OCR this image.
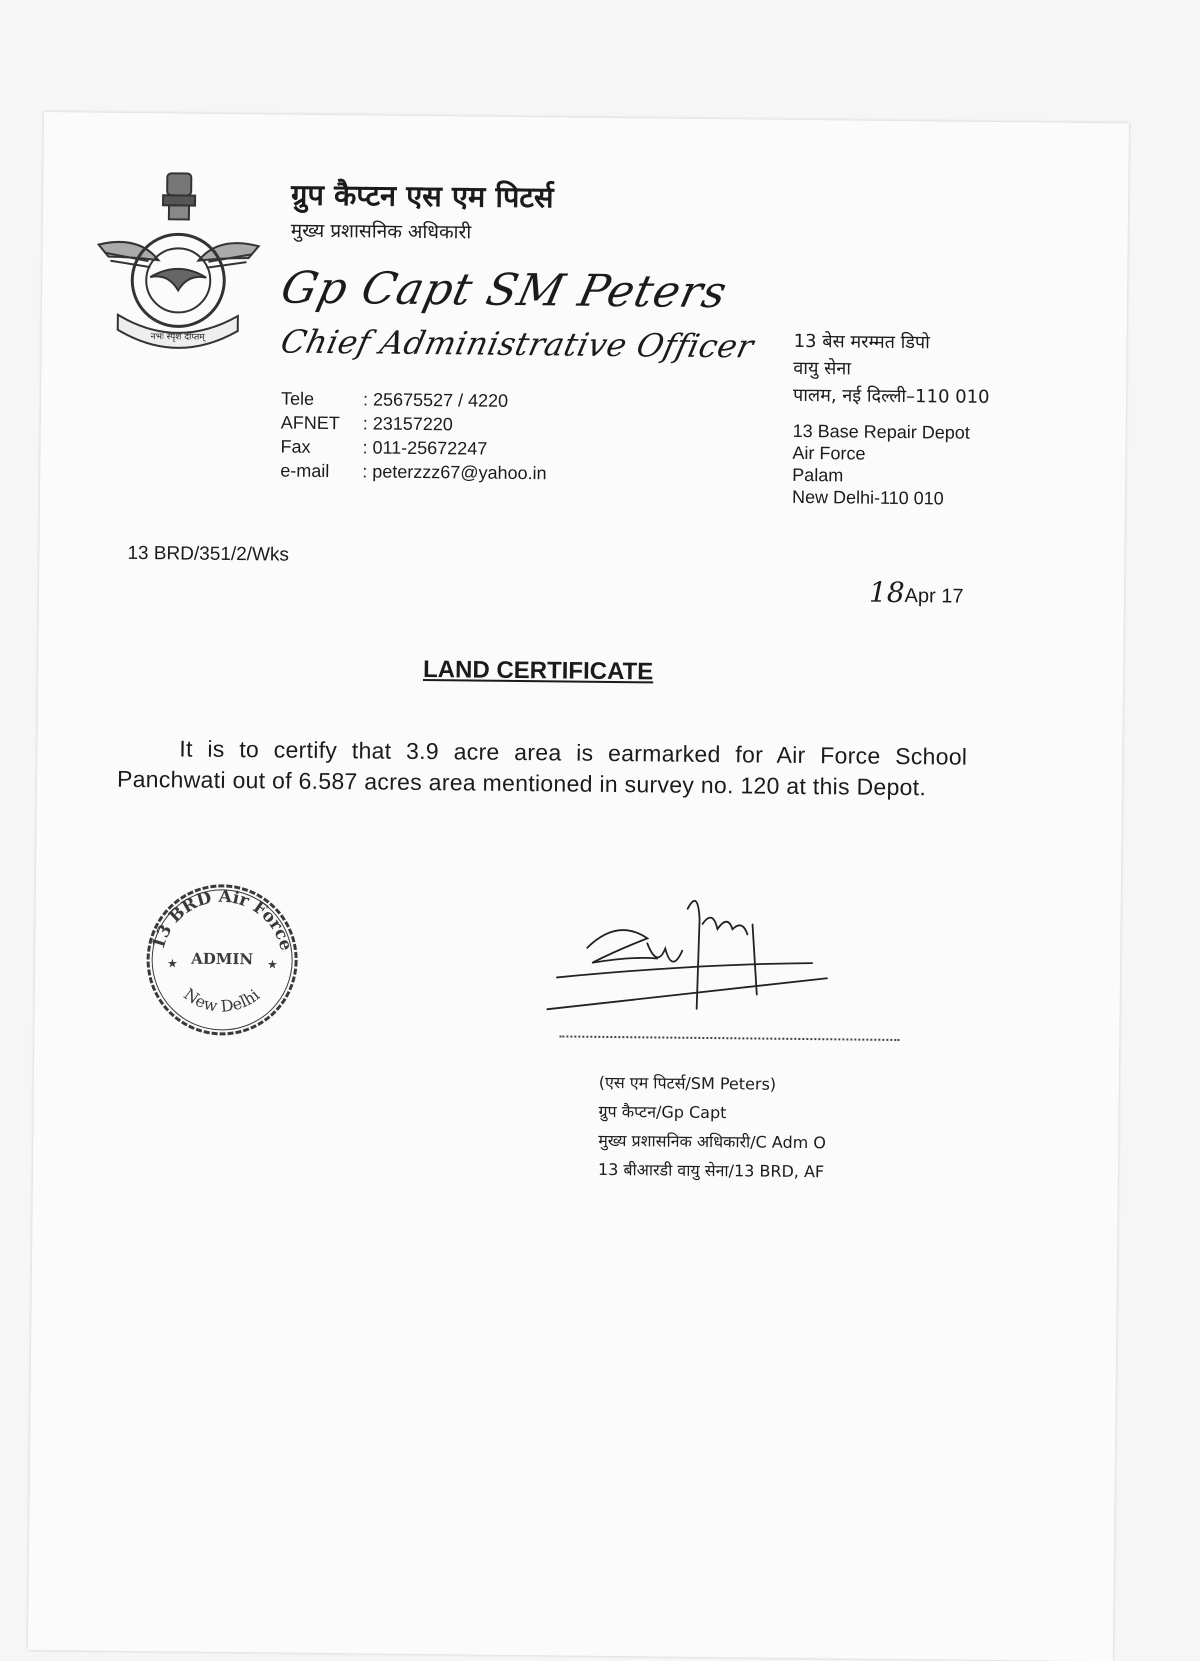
नभः स्पृशं दीप्तम्
ग्रुप कैप्टन एस एम पिटर्स
मुख्य प्रशासनिक अधिकारी
Gp Capt SM Peters
Chief Administrative Officer
Tele	: 25675527 / 4220
AFNET	: 23157220
Fax	: 011-25672247
e-mail	: peterzzz67@yahoo.in
13 बेस मरम्मत डिपो
वायु सेना
पालम, नई दिल्ली–110 010
13 Base Repair Depot
Air Force
Palam
New Delhi-110 010
13 BRD/351/2/Wks
18Apr 17
LAND CERTIFICATE
It is to certify that 3.9 acre area is earmarked for Air Force School Panchwati out of 6.587 acres area mentioned in survey no. 120 at this Depot.
13 BRD Air Force
ADMIN
New Delhi
★	★
(एस एम पिटर्स/SM Peters)
ग्रुप कैप्टन/Gp Capt
मुख्य प्रशासनिक अधिकारी/C Adm O
13 बीआरडी वायु सेना/13 BRD, AF
